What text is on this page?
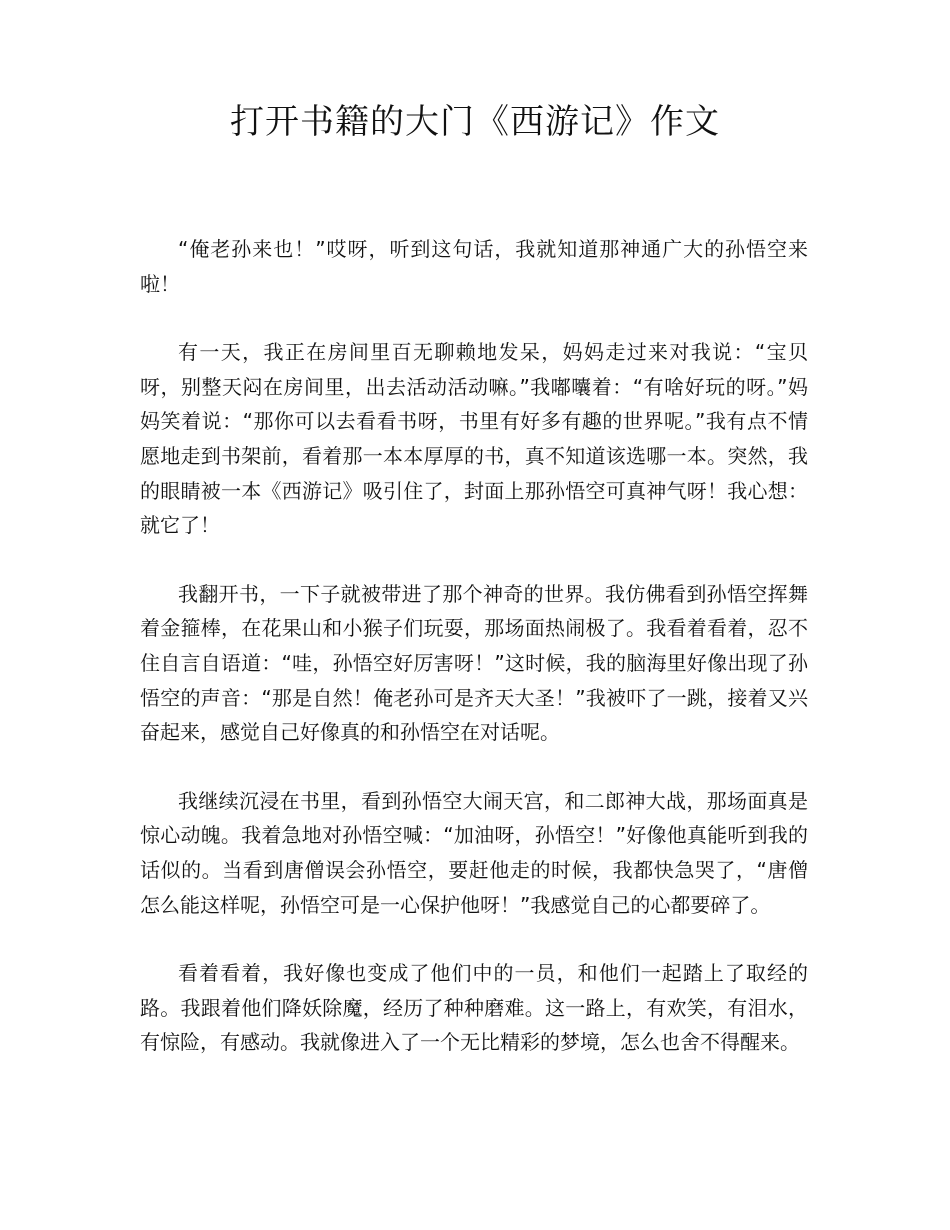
打开书籍的大门《西游记》作文

“俺老孙来也！”哎呀，听到这句话，我就知道那神通广大的孙悟空来啦！

有一天，我正在房间里百无聊赖地发呆，妈妈走过来对我说：“宝贝呀，别整天闷在房间里，出去活动活动嘛。”我嘟囔着：“有啥好玩的呀。”妈妈笑着说：“那你可以去看看书呀，书里有好多有趣的世界呢。”我有点不情愿地走到书架前，看着那一本本厚厚的书，真不知道该选哪一本。突然，我的眼睛被一本《西游记》吸引住了，封面上那孙悟空可真神气呀！我心想：就它了！

我翻开书，一下子就被带进了那个神奇的世界。我仿佛看到孙悟空挥舞着金箍棒，在花果山和小猴子们玩耍，那场面热闹极了。我看着看着，忍不住自言自语道：“哇，孙悟空好厉害呀！”这时候，我的脑海里好像出现了孙悟空的声音：“那是自然！俺老孙可是齐天大圣！”我被吓了一跳，接着又兴奋起来，感觉自己好像真的和孙悟空在对话呢。

我继续沉浸在书里，看到孙悟空大闹天宫，和二郎神大战，那场面真是惊心动魄。我着急地对孙悟空喊：“加油呀，孙悟空！”好像他真能听到我的话似的。当看到唐僧误会孙悟空，要赶他走的时候，我都快急哭了，“唐僧怎么能这样呢，孙悟空可是一心保护他呀！”我感觉自己的心都要碎了。

看着看着，我好像也变成了他们中的一员，和他们一起踏上了取经的路。我跟着他们降妖除魔，经历了种种磨难。这一路上，有欢笑，有泪水，有惊险，有感动。我就像进入了一个无比精彩的梦境，怎么也舍不得醒来。
